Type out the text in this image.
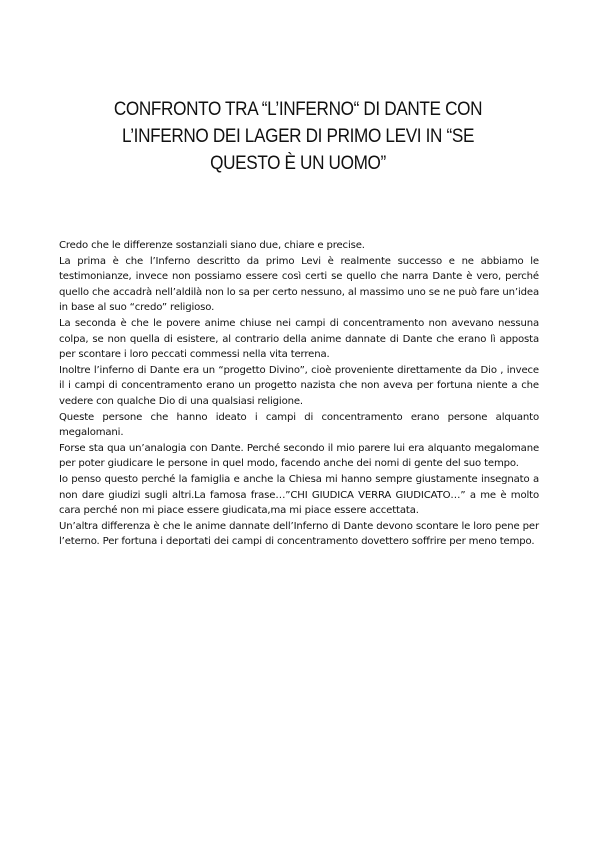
CONFRONTO TRA “L’INFERNO“ DI DANTE CON
L’INFERNO DEI LAGER DI PRIMO LEVI IN “SE
QUESTO È UN UOMO”

Credo che le differenze sostanziali siano due, chiare e precise.

La prima è che l’Inferno descritto da primo Levi è realmente successo e ne abbiamo le testimonianze, invece non possiamo essere così certi se quello che narra Dante è vero, perché quello che accadrà nell’aldilà non lo sa per certo nessuno, al massimo uno se ne può fare un’idea in base al suo “credo” religioso.

La seconda è che le povere anime chiuse nei campi di concentramento non avevano nessuna colpa, se non quella di esistere, al contrario della anime dannate di Dante che erano lì apposta per scontare i loro peccati commessi nella vita terrena.

Inoltre l’inferno di Dante era un “progetto Divino”, cioè proveniente direttamente da Dio , invece il i campi di concentramento erano un progetto nazista che non aveva per fortuna niente a che vedere con qualche Dio di una qualsiasi religione.

Queste persone che hanno ideato i campi di concentramento erano persone alquanto megalomani.

Forse sta qua un’analogia con Dante. Perché secondo il mio parere lui era alquanto megalomane per poter giudicare le persone in quel modo, facendo anche dei nomi di gente del suo tempo.

Io penso questo perché la famiglia e anche la Chiesa mi hanno sempre giustamente insegnato a non dare giudizi sugli altri.La famosa frase…”CHI GIUDICA VERRA GIUDICATO…” a me è molto cara perché non mi piace essere giudicata,ma mi piace essere accettata.

Un’altra differenza è che le anime dannate dell’Inferno di Dante devono scontare le loro pene per l’eterno. Per fortuna i deportati dei campi di concentramento dovettero soffrire per meno tempo.
